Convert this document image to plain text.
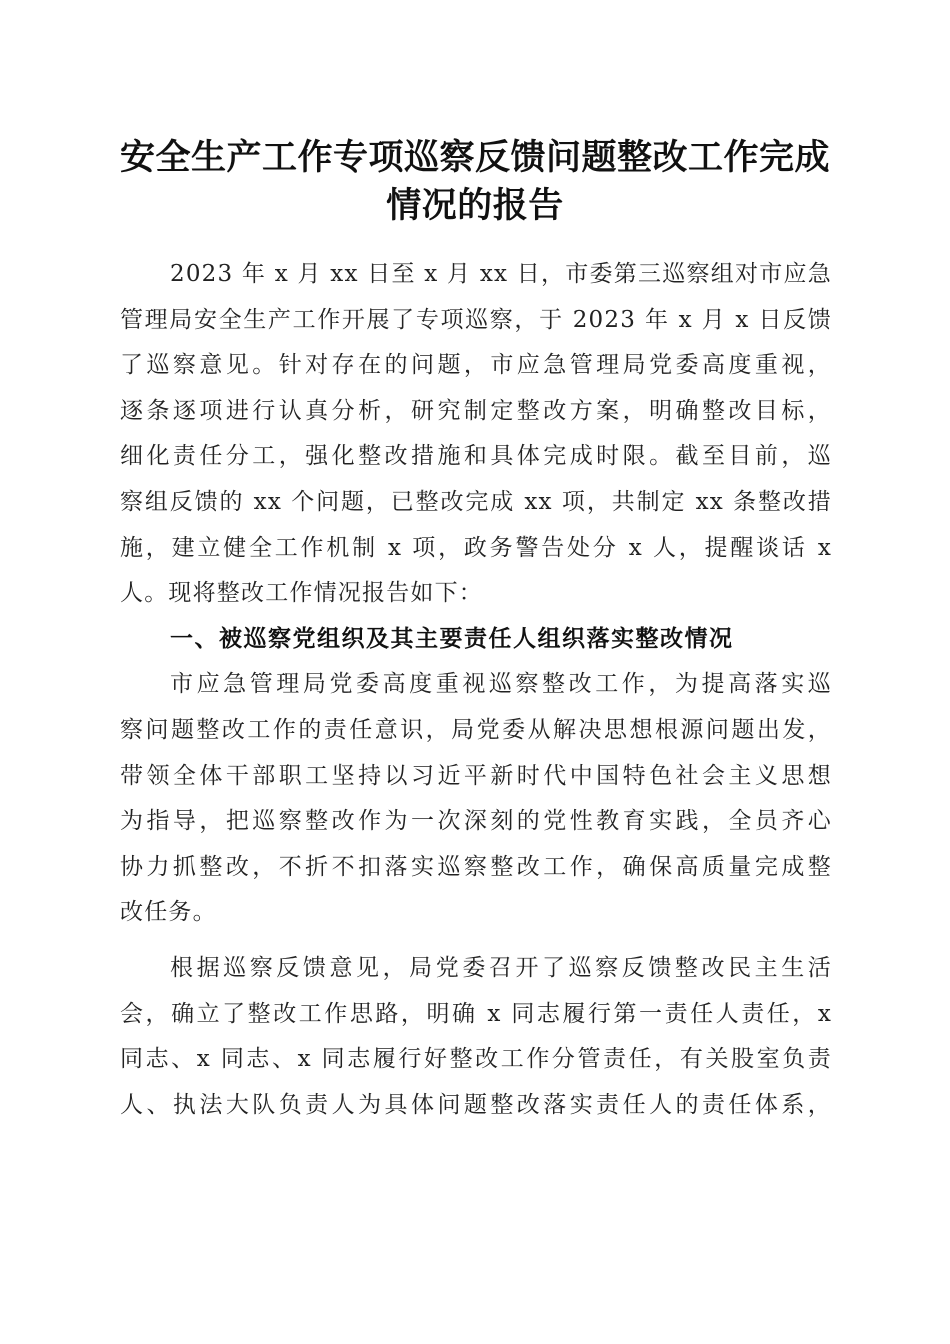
安全生产工作专项巡察反馈问题整改工作完成
情况的报告
2023 年 x 月 xx 日至 x 月 xx 日，市委第三巡察组对市应急
管理局安全生产工作开展了专项巡察，于 2023 年 x 月 x 日反馈
了巡察意见。针对存在的问题，市应急管理局党委高度重视，
逐条逐项进行认真分析，研究制定整改方案，明确整改目标，
细化责任分工，强化整改措施和具体完成时限。截至目前，巡
察组反馈的 xx 个问题，已整改完成 xx 项，共制定 xx 条整改措
施，建立健全工作机制 x 项，政务警告处分 x 人，提醒谈话 x
人。现将整改工作情况报告如下：
一、被巡察党组织及其主要责任人组织落实整改情况
市应急管理局党委高度重视巡察整改工作，为提高落实巡
察问题整改工作的责任意识，局党委从解决思想根源问题出发，
带领全体干部职工坚持以习近平新时代中国特色社会主义思想
为指导，把巡察整改作为一次深刻的党性教育实践，全员齐心
协力抓整改，不折不扣落实巡察整改工作，确保高质量完成整
改任务。
根据巡察反馈意见，局党委召开了巡察反馈整改民主生活
会，确立了整改工作思路，明确 x 同志履行第一责任人责任，x
同志、x 同志、x 同志履行好整改工作分管责任，有关股室负责
人、执法大队负责人为具体问题整改落实责任人的责任体系，
